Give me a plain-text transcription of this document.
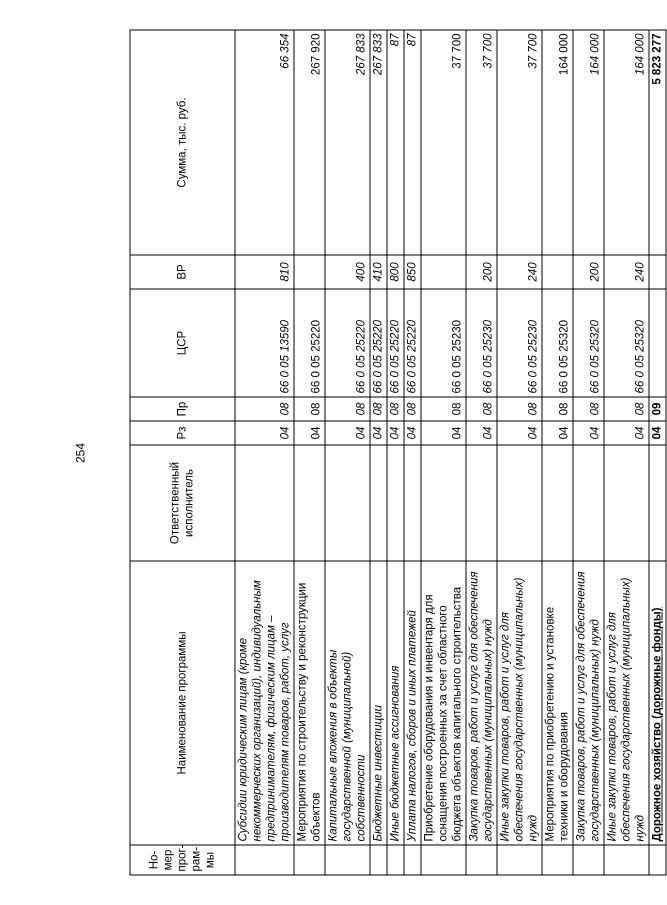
254
Но-мер прог-рам-мы	Наименование программы	Ответственный исполнитель	Рз	Пр	ЦСР	ВР	Сумма, тыс. руб.
	Субсидии юридическим лицам (кроме некоммерческих организаций), индивидуальным предпринимателям, физическим лицам – производителям товаров, работ, услуг		04	08	66 0 05 13590	810	66 354
	Мероприятия по строительству и реконструкции объектов		04	08	66 0 05 25220		267 920
	Капитальные вложения в объекты государственной (муниципальной) собственности		04	08	66 0 05 25220	400	267 833
	Бюджетные инвестиции		04	08	66 0 05 25220	410	267 833
	Иные бюджетные ассигнования		04	08	66 0 05 25220	800	87
	Уплата налогов, сборов и иных платежей		04	08	66 0 05 25220	850	87
	Приобретение оборудования и инвентаря для оснащения построенных за счет областного бюджета объектов капитального строительства		04	08	66 0 05 25230		37 700
	Закупка товаров, работ и услуг для обеспечения государственных (муниципальных) нужд		04	08	66 0 05 25230	200	37 700
	Иные закупки товаров, работ и услуг для обеспечения государственных (муниципальных) нужд		04	08	66 0 05 25230	240	37 700
	Мероприятия по приобретению и установке техники и оборудования		04	08	66 0 05 25320		164 000
	Закупка товаров, работ и услуг для обеспечения государственных (муниципальных) нужд		04	08	66 0 05 25320	200	164 000
	Иные закупки товаров, работ и услуг для обеспечения государственных (муниципальных) нужд		04	08	66 0 05 25320	240	164 000
	Дорожное хозяйство (дорожные фонды)		04	09			5 823 277
